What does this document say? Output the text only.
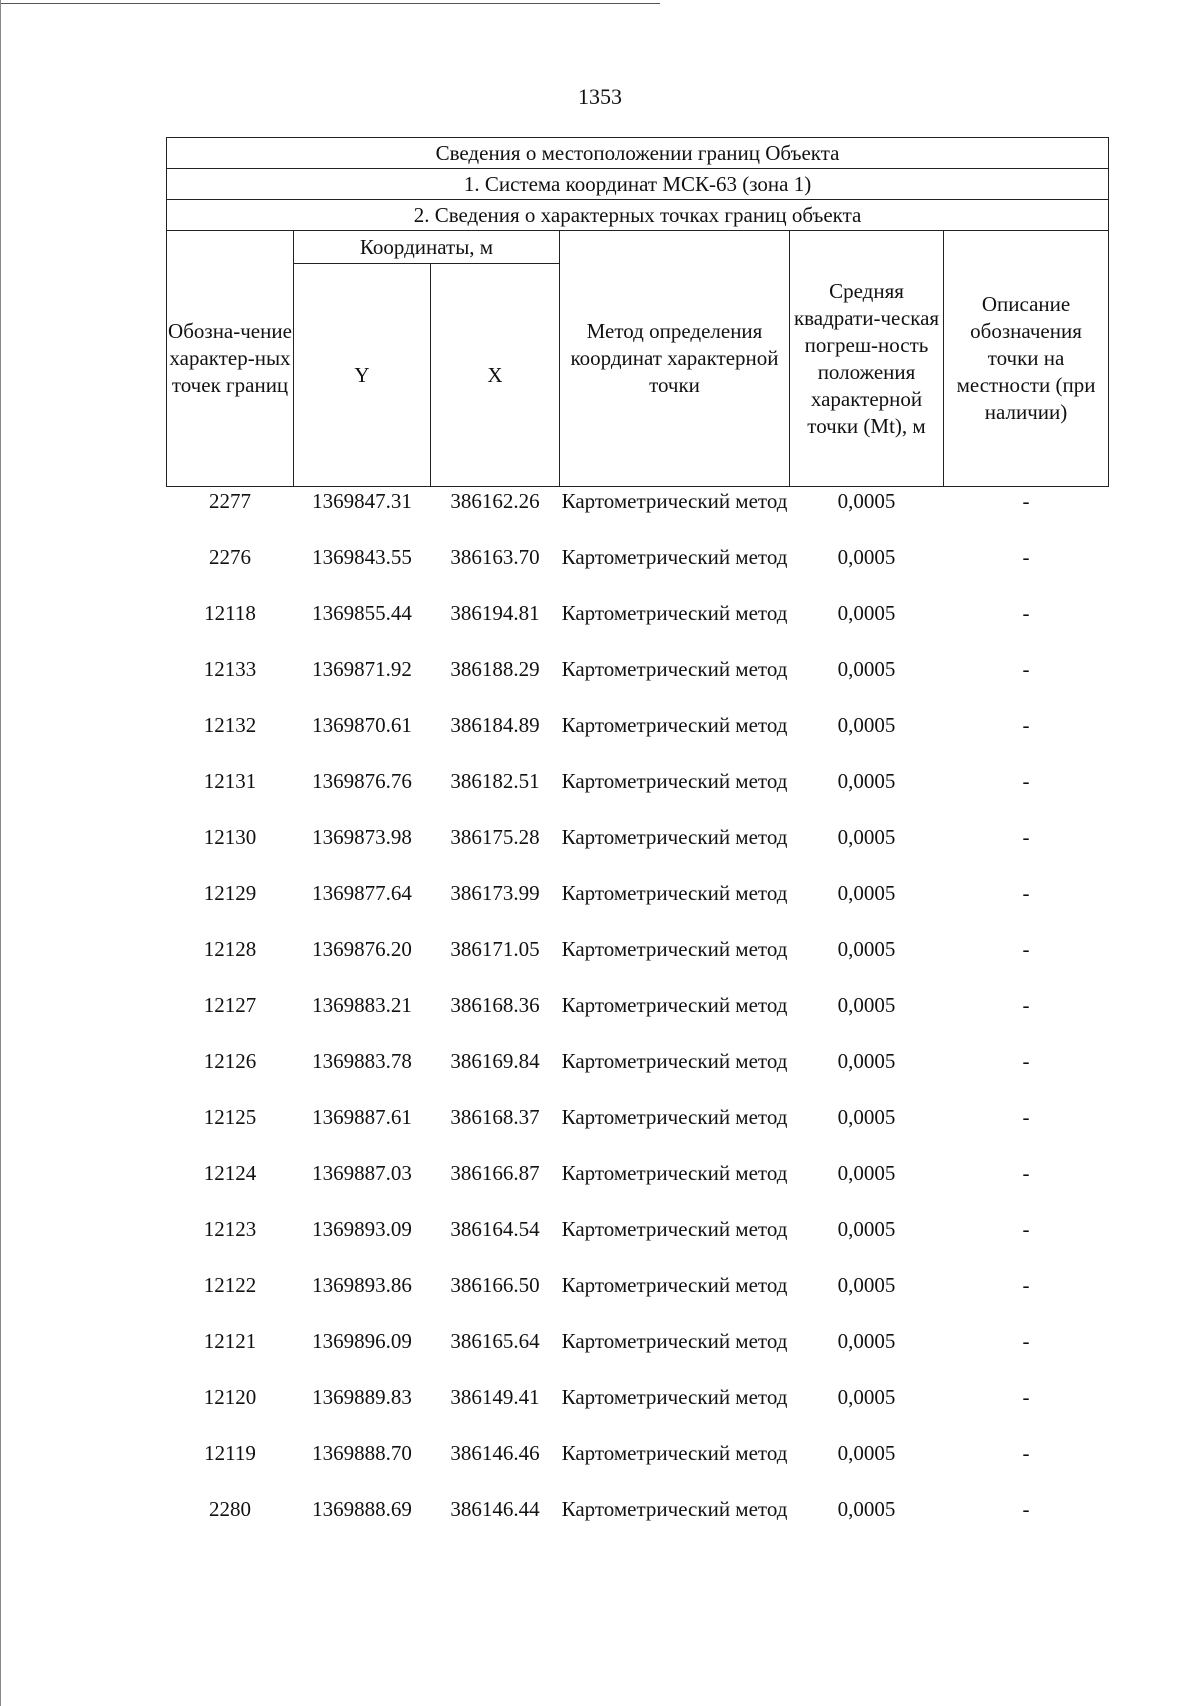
1353
Сведения о местоположении границ Объекта					
1. Система координат МСК-63 (зона 1)					
2. Сведения о характерных точках границ объекта					
Обозна-чение характер-ных точек границ	Координаты, м		Метод определения координат характерной точки	Средняя квадрати-ческая погреш-ность положения характерной точки (Mt), м	Описание обозначения точки на местности (при наличии)
	Y	X			
2277	1369847.31	386162.26	Картометрический метод	0,0005	-
2276	1369843.55	386163.70	Картометрический метод	0,0005	-
12118	1369855.44	386194.81	Картометрический метод	0,0005	-
12133	1369871.92	386188.29	Картометрический метод	0,0005	-
12132	1369870.61	386184.89	Картометрический метод	0,0005	-
12131	1369876.76	386182.51	Картометрический метод	0,0005	-
12130	1369873.98	386175.28	Картометрический метод	0,0005	-
12129	1369877.64	386173.99	Картометрический метод	0,0005	-
12128	1369876.20	386171.05	Картометрический метод	0,0005	-
12127	1369883.21	386168.36	Картометрический метод	0,0005	-
12126	1369883.78	386169.84	Картометрический метод	0,0005	-
12125	1369887.61	386168.37	Картометрический метод	0,0005	-
12124	1369887.03	386166.87	Картометрический метод	0,0005	-
12123	1369893.09	386164.54	Картометрический метод	0,0005	-
12122	1369893.86	386166.50	Картометрический метод	0,0005	-
12121	1369896.09	386165.64	Картометрический метод	0,0005	-
12120	1369889.83	386149.41	Картометрический метод	0,0005	-
12119	1369888.70	386146.46	Картометрический метод	0,0005	-
2280	1369888.69	386146.44	Картометрический метод	0,0005	-
